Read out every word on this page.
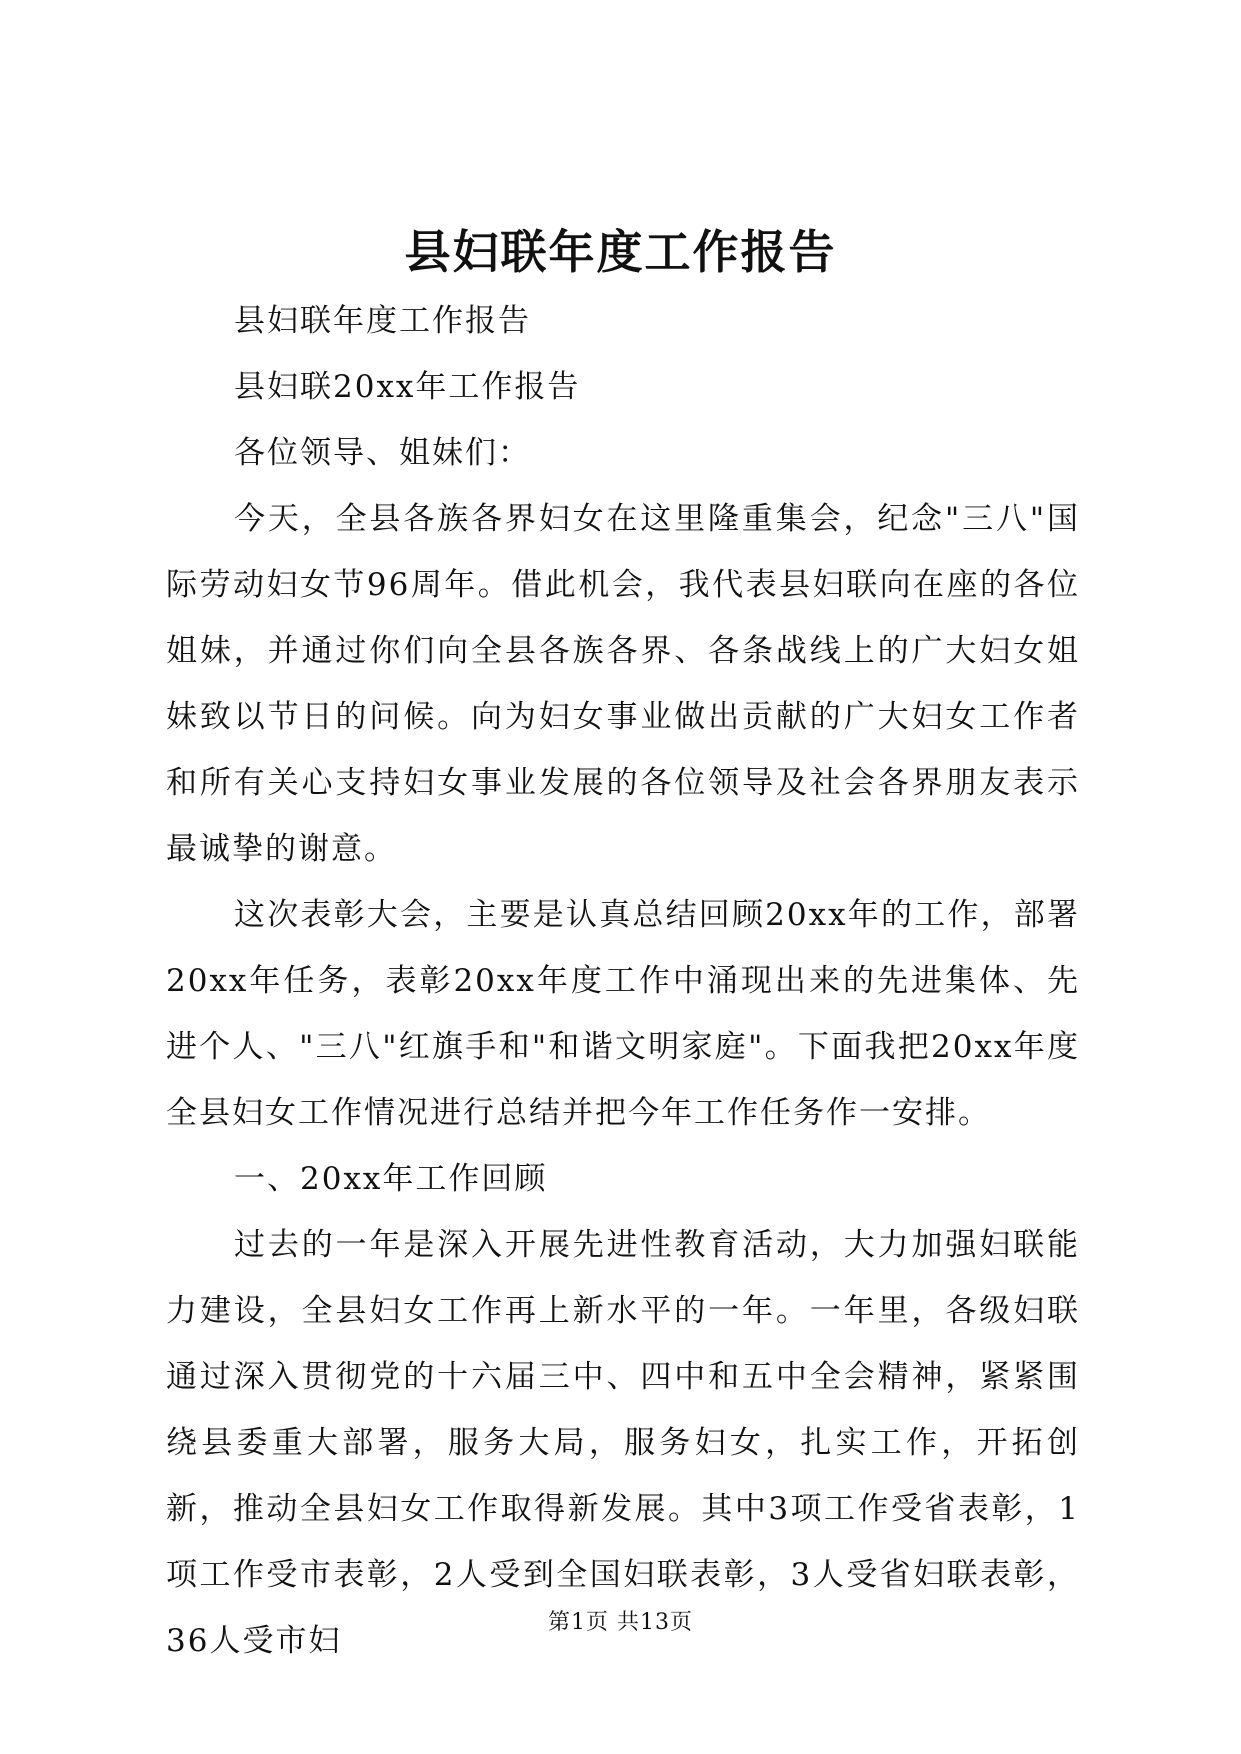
县妇联年度工作报告

县妇联年度工作报告

县妇联20xx年工作报告

各位领导、姐妹们：

今天，全县各族各界妇女在这里隆重集会，纪念"三八"国际劳动妇女节96周年。借此机会，我代表县妇联向在座的各位姐妹，并通过你们向全县各族各界、各条战线上的广大妇女姐妹致以节日的问候。向为妇女事业做出贡献的广大妇女工作者和所有关心支持妇女事业发展的各位领导及社会各界朋友表示最诚挚的谢意。

这次表彰大会，主要是认真总结回顾20xx年的工作，部署20xx年任务，表彰20xx年度工作中涌现出来的先进集体、先进个人、"三八"红旗手和"和谐文明家庭"。下面我把20xx年度全县妇女工作情况进行总结并把今年工作任务作一安排。

一、20xx年工作回顾

过去的一年是深入开展先进性教育活动，大力加强妇联能力建设，全县妇女工作再上新水平的一年。一年里，各级妇联通过深入贯彻党的十六届三中、四中和五中全会精神，紧紧围绕县委重大部署，服务大局，服务妇女，扎实工作，开拓创新，推动全县妇女工作取得新发展。其中3项工作受省表彰，1项工作受市表彰，2人受到全国妇联表彰，3人受省妇联表彰，36人受市妇

第1页 共13页
